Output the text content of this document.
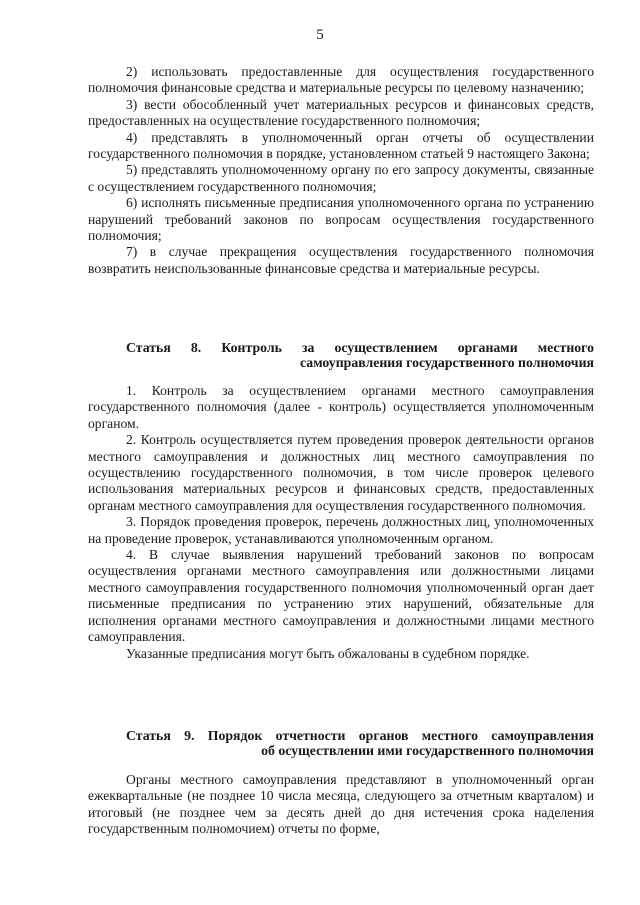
5

2) использовать предоставленные для осуществления государственного полномочия финансовые средства и материальные ресурсы по целевому назначению;

3) вести обособленный учет материальных ресурсов и финансовых средств, предоставленных на осуществление государственного полномочия;

4) представлять в уполномоченный орган отчеты об осуществлении государственного полномочия в порядке, установленном статьей 9 настоящего Закона;

5) представлять уполномоченному органу по его запросу документы, связанные с осуществлением государственного полномочия;

6) исполнять письменные предписания уполномоченного органа по устранению нарушений требований законов по вопросам осуществления государственного полномочия;

7) в случае прекращения осуществления государственного полномочия возвратить неиспользованные финансовые средства и материальные ресурсы.

Статья 8. Контроль за осуществлением органами местного
самоуправления государственного полномочия

1. Контроль за осуществлением органами местного самоуправления государственного полномочия (далее - контроль) осуществляется уполномоченным органом.

2. Контроль осуществляется путем проведения проверок деятельности органов местного самоуправления и должностных лиц местного самоуправления по осуществлению государственного полномочия, в том числе проверок целевого использования материальных ресурсов и финансовых средств, предоставленных органам местного самоуправления для осуществления государственного полномочия.

3. Порядок проведения проверок, перечень должностных лиц, уполномоченных на проведение проверок, устанавливаются уполномоченным органом.

4. В случае выявления нарушений требований законов по вопросам осуществления органами местного самоуправления или должностными лицами местного самоуправления государственного полномочия уполномоченный орган дает письменные предписания по устранению этих нарушений, обязательные для исполнения органами местного самоуправления и должностными лицами местного самоуправления.

Указанные предписания могут быть обжалованы в судебном порядке.

Статья 9. Порядок отчетности органов местного самоуправления
об осуществлении ими государственного полномочия

Органы местного самоуправления представляют в уполномоченный орган ежеквартальные (не позднее 10 числа месяца, следующего за отчетным кварталом) и итоговый (не позднее чем за десять дней до дня истечения срока наделения государственным полномочием) отчеты по форме,
